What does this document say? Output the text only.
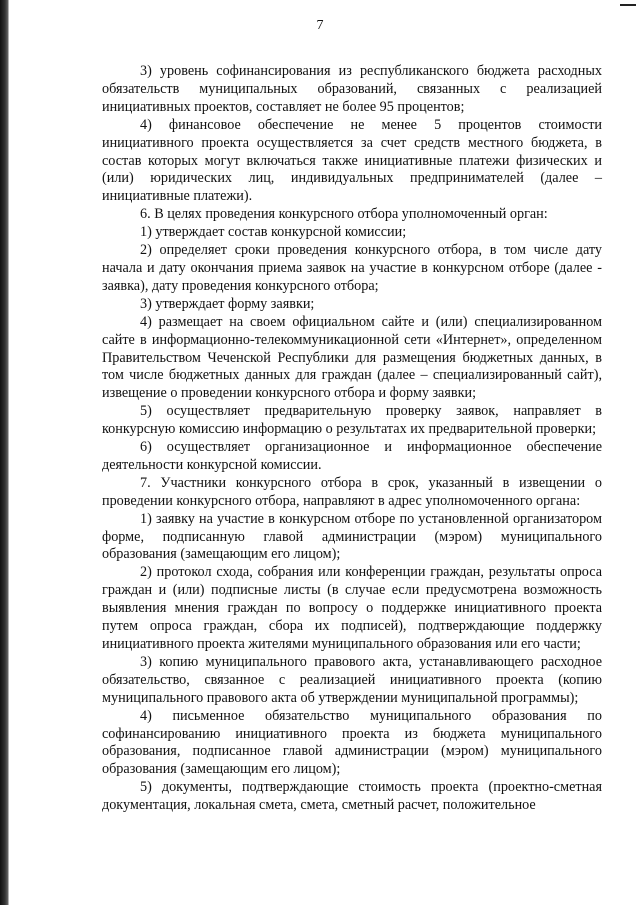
7

3) уровень софинансирования из республиканского бюджета расходных обязательств муниципальных образований, связанных с реализацией инициативных проектов, составляет не более 95 процентов;

4) финансовое обеспечение не менее 5 процентов стоимости инициативного проекта осуществляется за счет средств местного бюджета, в состав которых могут включаться также инициативные платежи физических и (или) юридических лиц, индивидуальных предпринимателей (далее – инициативные платежи).

6. В целях проведения конкурсного отбора уполномоченный орган:

1) утверждает состав конкурсной комиссии;

2) определяет сроки проведения конкурсного отбора, в том числе дату начала и дату окончания приема заявок на участие в конкурсном отборе (далее - заявка), дату проведения конкурсного отбора;

3) утверждает форму заявки;

4) размещает на своем официальном сайте и (или) специализированном сайте в информационно-телекоммуникационной сети «Интернет», определенном Правительством Чеченской Республики для размещения бюджетных данных, в том числе бюджетных данных для граждан (далее – специализированный сайт), извещение о проведении конкурсного отбора и форму заявки;

5) осуществляет предварительную проверку заявок, направляет в конкурсную комиссию информацию о результатах их предварительной проверки;

6) осуществляет организационное и информационное обеспечение деятельности конкурсной комиссии.

7. Участники конкурсного отбора в срок, указанный в извещении о проведении конкурсного отбора, направляют в адрес уполномоченного органа:

1) заявку на участие в конкурсном отборе по установленной организатором форме, подписанную главой администрации (мэром) муниципального образования (замещающим его лицом);

2) протокол схода, собрания или конференции граждан, результаты опроса граждан и (или) подписные листы (в случае если предусмотрена возможность выявления мнения граждан по вопросу о поддержке инициативного проекта путем опроса граждан, сбора их подписей), подтверждающие поддержку инициативного проекта жителями муниципального образования или его части;

3) копию муниципального правового акта, устанавливающего расходное обязательство, связанное с реализацией инициативного проекта (копию муниципального правового акта об утверждении муниципальной программы);

4) письменное обязательство муниципального образования по софинансированию инициативного проекта из бюджета муниципального образования, подписанное главой администрации (мэром) муниципального образования (замещающим его лицом);

5) документы, подтверждающие стоимость проекта (проектно-сметная документация, локальная смета, смета, сметный расчет, положительное
